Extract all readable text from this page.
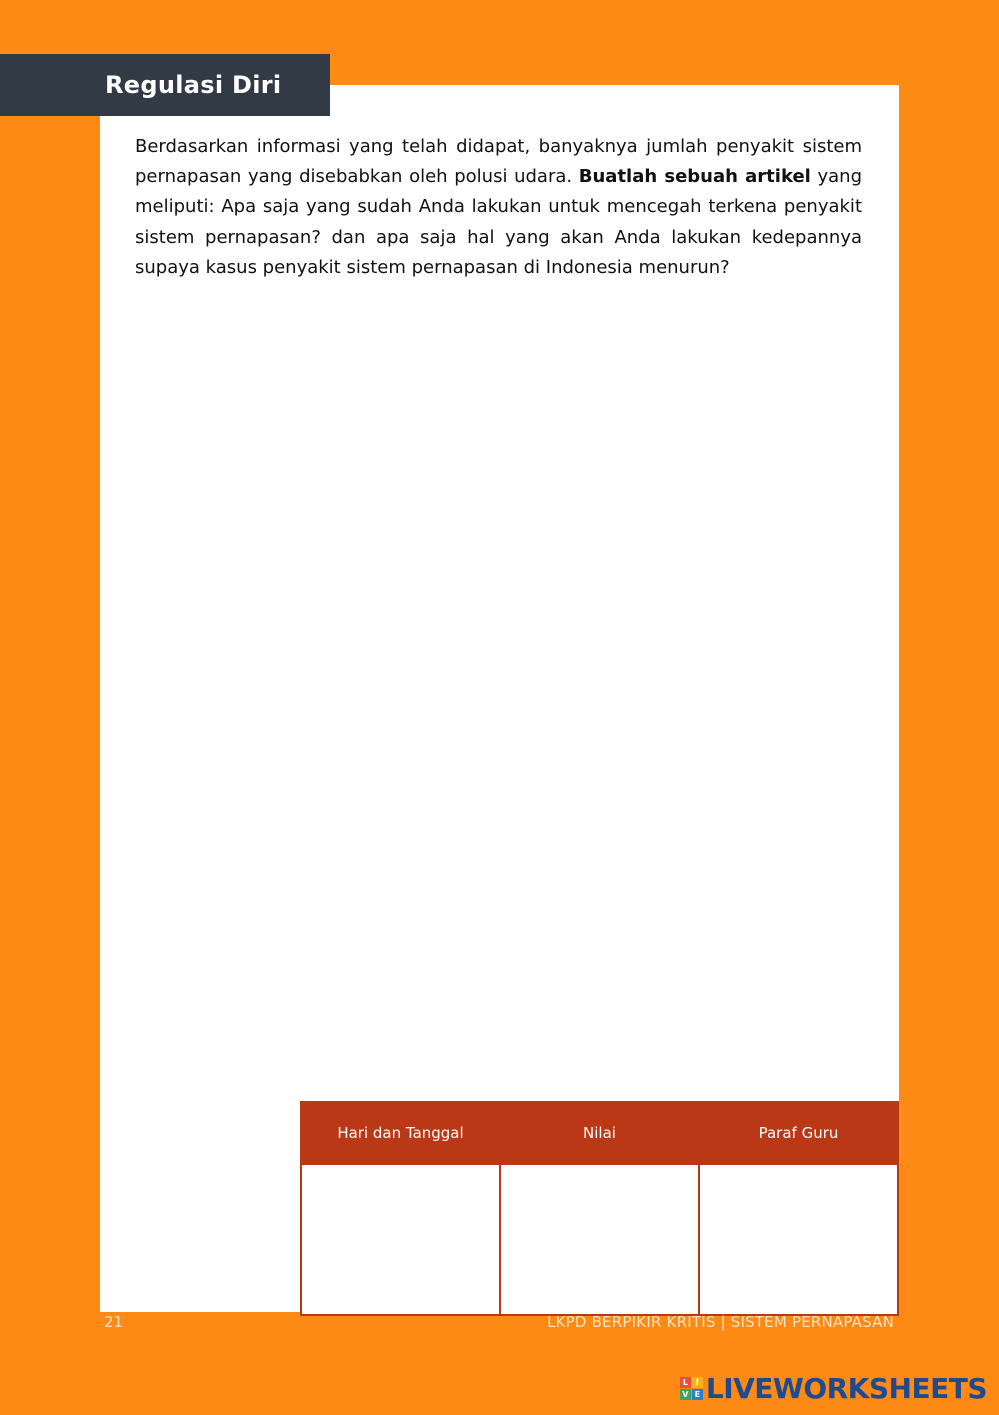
Regulasi Diri

Berdasarkan informasi yang telah didapat, banyaknya jumlah penyakit sistem pernapasan yang disebabkan oleh polusi udara. Buatlah sebuah artikel yang meliputi: Apa saja yang sudah Anda lakukan untuk mencegah terkena penyakit sistem pernapasan? dan apa saja hal yang akan Anda lakukan kedepannya supaya kasus penyakit sistem pernapasan di Indonesia menurun?

Hari dan Tanggal	Nilai	Paraf Guru

21	LKPD BERPIKIR KRITIS | SISTEM PERNAPASAN
L I
V E LIVEWORKSHEETS
